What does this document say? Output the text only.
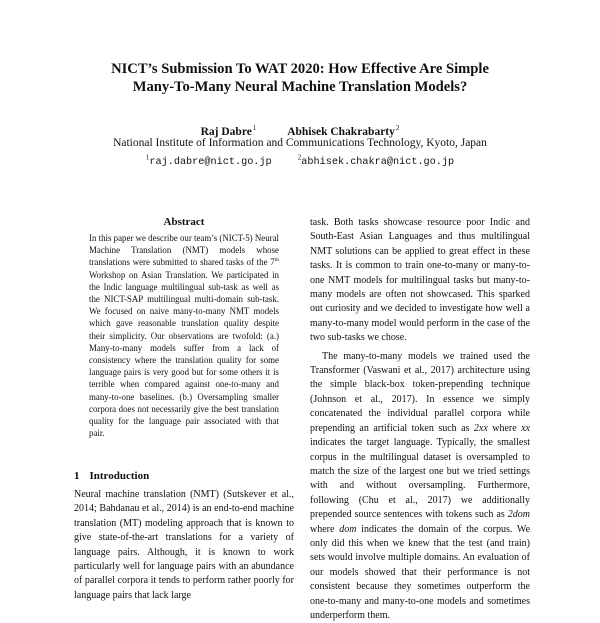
NICT’s Submission To WAT 2020: How Effective Are Simple
Many-To-Many Neural Machine Translation Models?
Raj Dabre$^1$	Abhisek Chakrabarty$^2$
National Institute of Information and Communications Technology, Kyoto, Japan
$^1$raj.dabre@nict.go.jp	$^2$abhisek.chakra@nict.go.jp
Abstract

In this paper we describe our team’s (NICT-5) Neural Machine Translation (NMT) models whose translations were submitted to shared tasks of the 7th Workshop on Asian Translation. We participated in the Indic language multilingual sub-task as well as the NICT-SAP multilingual multi-domain sub-task. We focused on naive many-to-many NMT models which gave reasonable translation quality despite their simplicity. Our observations are twofold: (a.) Many-to-many models suffer from a lack of consistency where the translation quality for some language pairs is very good but for some others it is terrible when compared against one-to-many and many-to-one baselines. (b.) Oversampling smaller corpora does not necessarily give the best translation quality for the language pair associated with that pair.

1 Introduction

Neural machine translation (NMT) (Sutskever et al., 2014; Bahdanau et al., 2014) is an end-to-end machine translation (MT) modeling approach that is known to give state-of-the-art translations for a variety of language pairs. Although, it is known to work particularly well for language pairs with an abundance of parallel corpora it tends to perform rather poorly for language pairs that lack large

task. Both tasks showcase resource poor Indic and South-East Asian Languages and thus multilingual NMT solutions can be applied to great effect in these tasks. It is common to train one-to-many or many-to-one NMT models for multilingual tasks but many-to-many models are often not showcased. This sparked out curiosity and we decided to investigate how well a many-to-many model would perform in the case of the two sub-tasks we chose.

The many-to-many models we trained used the Transformer (Vaswani et al., 2017) architecture using the simple black-box token-prepending technique (Johnson et al., 2017). In essence we simply concatenated the individual parallel corpora while prepending an artificial token such as 2xx where xx indicates the target language. Typically, the smallest corpus in the multilingual dataset is oversampled to match the size of the largest one but we tried settings with and without oversampling. Furthermore, following (Chu et al., 2017) we additionally prepended source sentences with tokens such as 2dom where dom indicates the domain of the corpus. We only did this when we knew that the test (and train) sets would involve multiple domains. An evaluation of our models showed that their performance is not consistent because they sometimes outperform the one-to-many and many-to-one models and sometimes underperform them.
